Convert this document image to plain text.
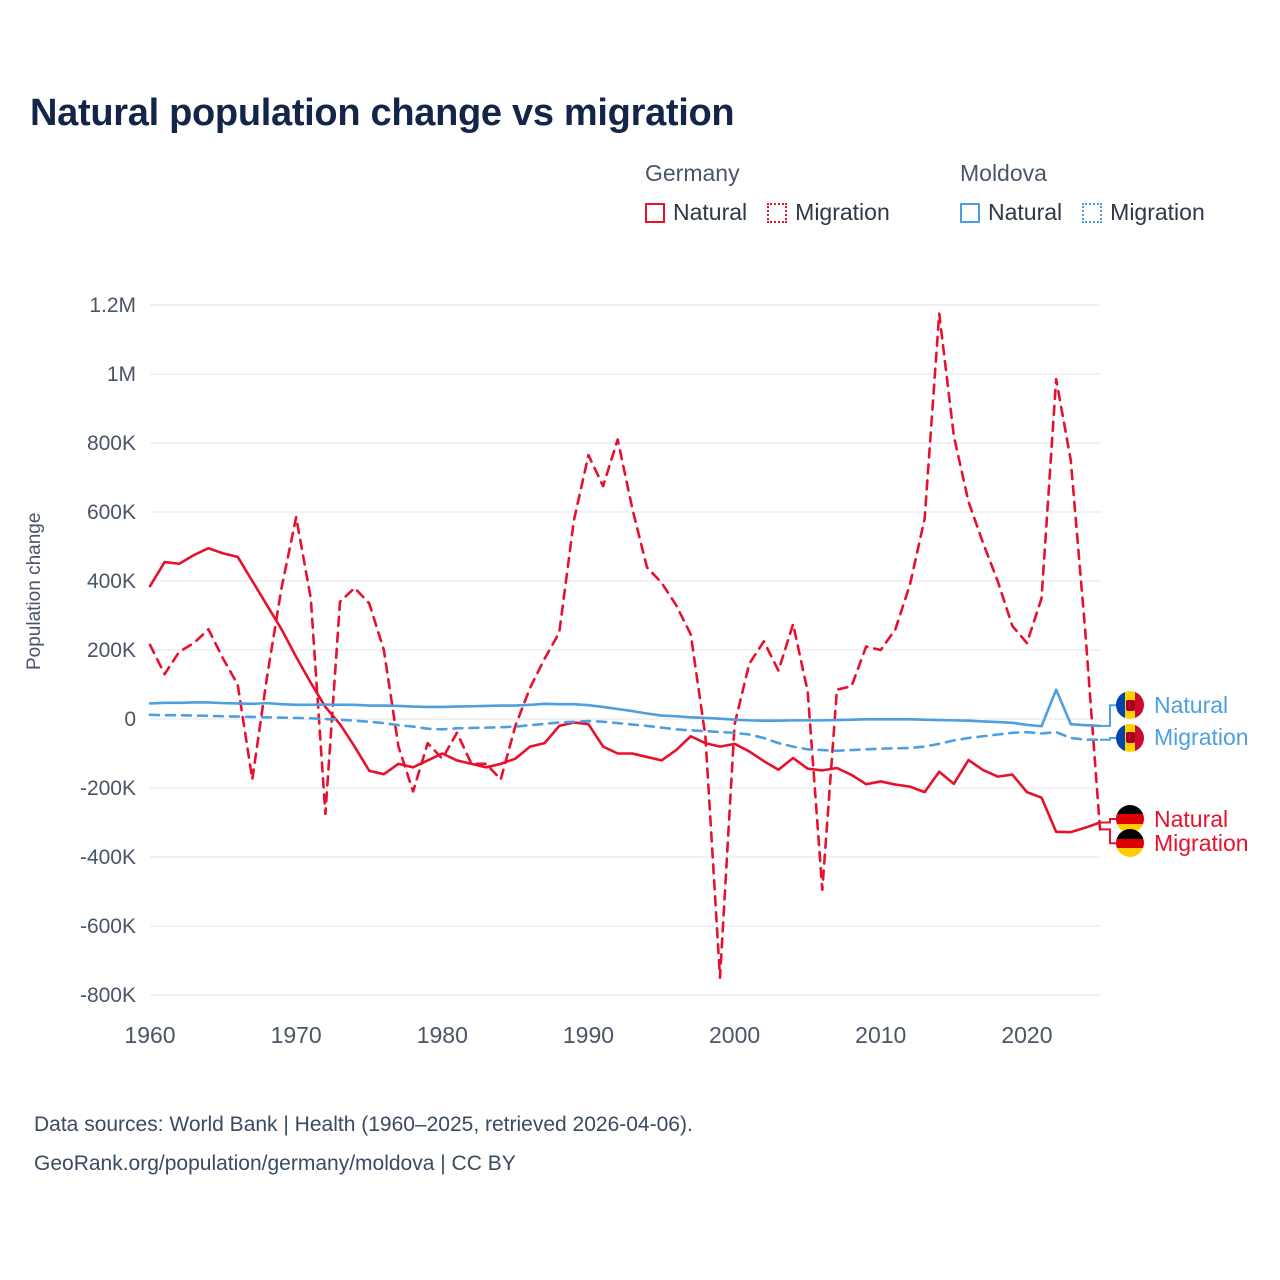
Natural population change vs migration
Germany
Natural Migration
Moldova
Natural Migration
Population change
1.2M
1M
800K
600K
400K
200K
0
-200K
-400K
-600K
-800K
1960	1970	1980	1990	2000	2010	2020
Natural
Migration
Natural
Migration
Data sources: World Bank | Health (1960–2025, retrieved 2026-04-06).
GeoRank.org/population/germany/moldova | CC BY
